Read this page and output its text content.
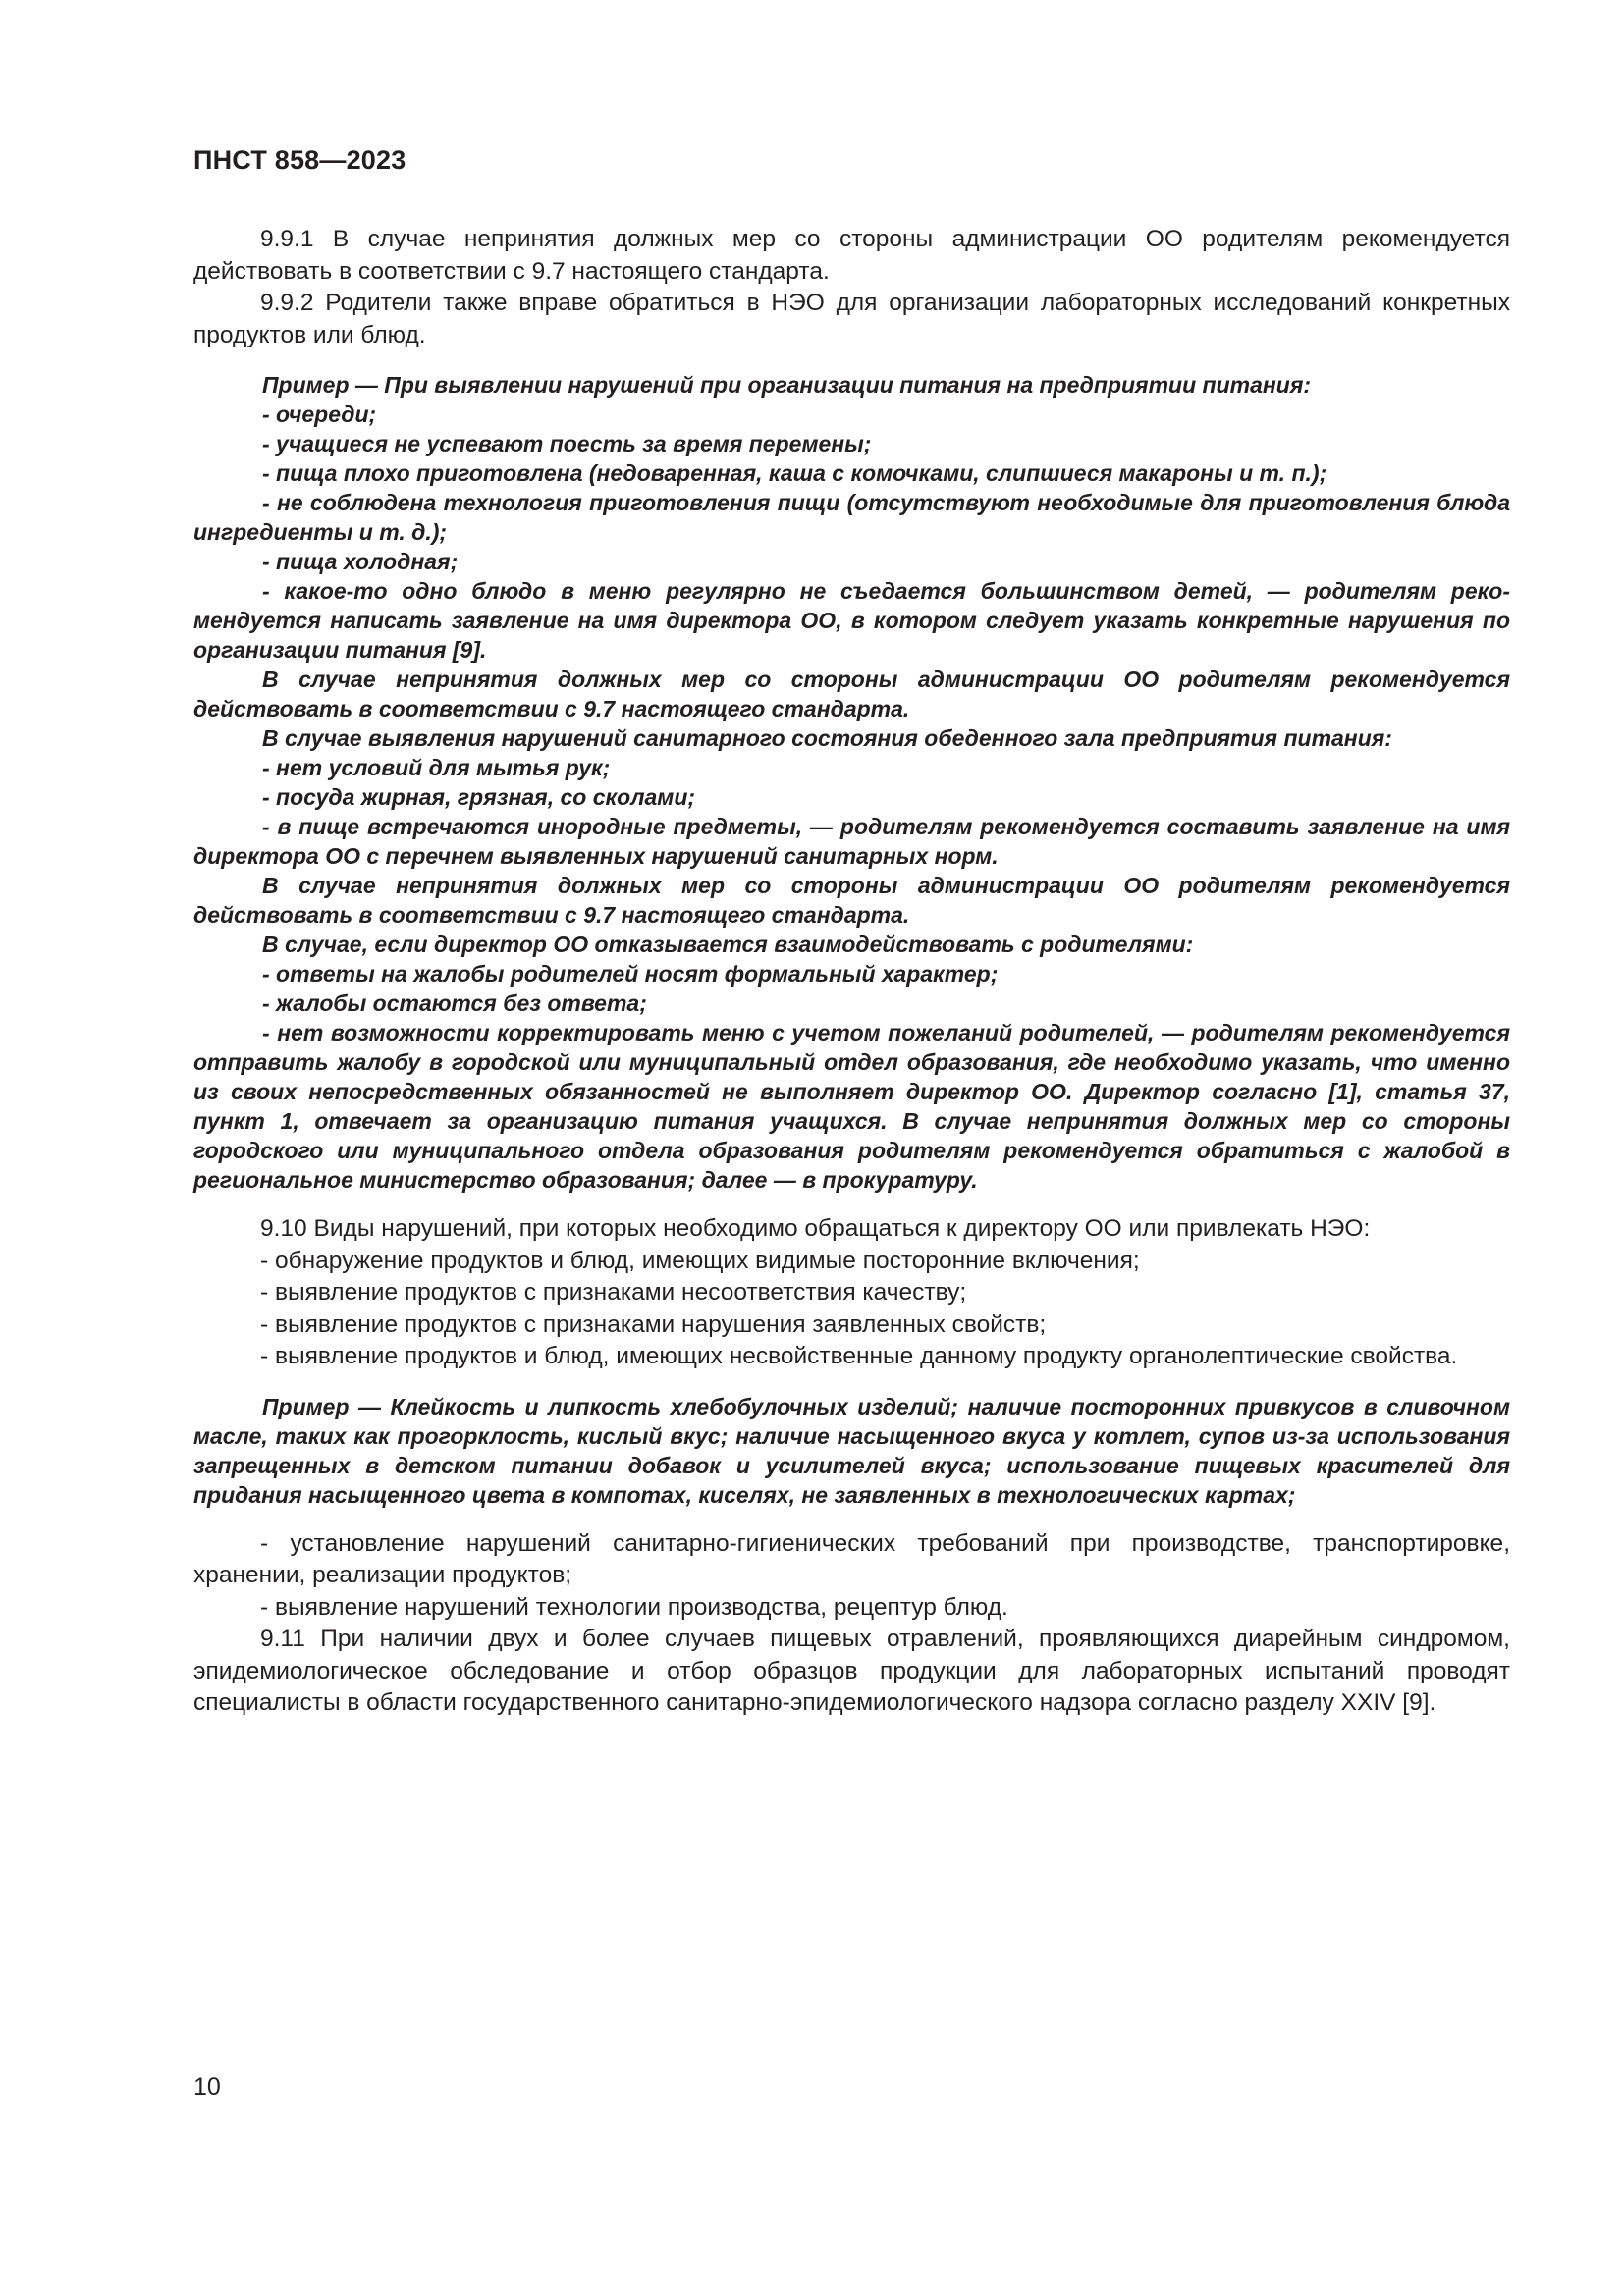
ПНСТ 858—2023

9.9.1 В случае непринятия должных мер со стороны администрации ОО родителям рекомендуется действовать в соответствии с 9.7 настоящего стандарта.

9.9.2 Родители также вправе обратиться в НЭО для организации лабораторных исследований конкретных продуктов или блюд.

Пример — При выявлении нарушений при организации питания на предприятии питания:

- очереди;

- учащиеся не успевают поесть за время перемены;

- пища плохо приготовлена (недоваренная, каша с комочками, слипшиеся макароны и т. п.);

- не соблюдена технология приготовления пищи (отсутствуют необходимые для приготовления блюда ингредиенты и т. д.);

- пища холодная;

- какое-то одно блюдо в меню регулярно не съедается большинством детей, — родителям рекомендуется написать заявление на имя директора ОО, в котором следует указать конкретные нарушения по организации питания [9].

В случае непринятия должных мер со стороны администрации ОО родителям рекомендуется действовать в соответствии с 9.7 настоящего стандарта.

В случае выявления нарушений санитарного состояния обеденного зала предприятия питания:

- нет условий для мытья рук;

- посуда жирная, грязная, со сколами;

- в пище встречаются инородные предметы, — родителям рекомендуется составить заявление на имя директора ОО с перечнем выявленных нарушений санитарных норм.

В случае непринятия должных мер со стороны администрации ОО родителям рекомендуется действовать в соответствии с 9.7 настоящего стандарта.

В случае, если директор ОО отказывается взаимодействовать с родителями:

- ответы на жалобы родителей носят формальный характер;

- жалобы остаются без ответа;

- нет возможности корректировать меню с учетом пожеланий родителей, — родителям рекомендуется отправить жалобу в городской или муниципальный отдел образования, где необходимо указать, что именно из своих непосредственных обязанностей не выполняет директор ОО. Директор согласно [1], статья 37, пункт 1, отвечает за организацию питания учащихся. В случае непринятия должных мер со стороны городского или муниципального отдела образования родителям рекомендуется обратиться с жалобой в региональное министерство образования; далее — в прокуратуру.

9.10 Виды нарушений, при которых необходимо обращаться к директору ОО или привлекать НЭО:

- обнаружение продуктов и блюд, имеющих видимые посторонние включения;

- выявление продуктов с признаками несоответствия качеству;

- выявление продуктов с признаками нарушения заявленных свойств;

- выявление продуктов и блюд, имеющих несвойственные данному продукту органолептические свойства.

Пример — Клейкость и липкость хлебобулочных изделий; наличие посторонних привкусов в сливочном масле, таких как прогорклость, кислый вкус; наличие насыщенного вкуса у котлет, супов из-за использования запрещенных в детском питании добавок и усилителей вкуса; использование пищевых красителей для придания насыщенного цвета в компотах, киселях, не заявленных в технологических картах;

- установление нарушений санитарно-гигиенических требований при производстве, транспортировке, хранении, реализации продуктов;

- выявление нарушений технологии производства, рецептур блюд.

9.11 При наличии двух и более случаев пищевых отравлений, проявляющихся диарейным синдромом, эпидемиологическое обследование и отбор образцов продукции для лабораторных испытаний проводят специалисты в области государственного санитарно-эпидемиологического надзора согласно разделу XXIV [9].

10
